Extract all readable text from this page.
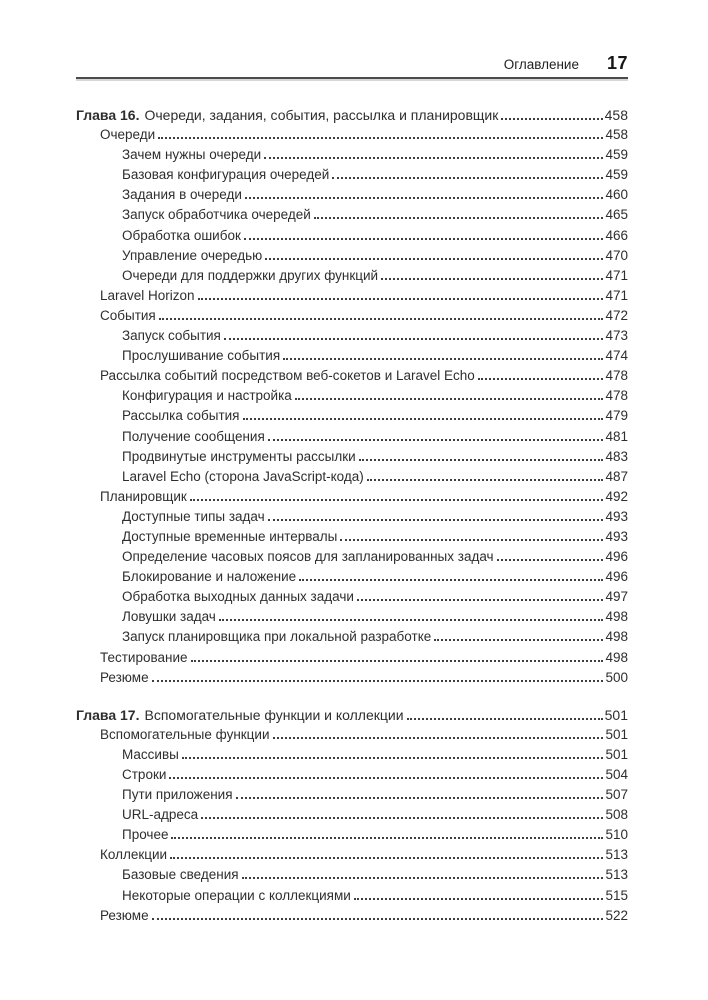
Оглавление 17
Глава 16. Очереди, задания, события, рассылка и планировщик	458
Очереди	458
Зачем нужны очереди	459
Базовая конфигурация очередей	459
Задания в очереди	460
Запуск обработчика очередей	465
Обработка ошибок	466
Управление очередью	470
Очереди для поддержки других функций	471
Laravel Horizon	471
События	472
Запуск события	473
Прослушивание события	474
Рассылка событий посредством веб-сокетов и Laravel Echo	478
Конфигурация и настройка	478
Рассылка события	479
Получение сообщения	481
Продвинутые инструменты рассылки	483
Laravel Echo (сторона JavaScript-кода)	487
Планировщик	492
Доступные типы задач	493
Доступные временные интервалы	493
Определение часовых поясов для запланированных задач	496
Блокирование и наложение	496
Обработка выходных данных задачи	497
Ловушки задач	498
Запуск планировщика при локальной разработке	498
Тестирование	498
Резюме	500
Глава 17. Вспомогательные функции и коллекции	501
Вспомогательные функции	501
Массивы	501
Строки	504
Пути приложения	507
URL-адреса	508
Прочее	510
Коллекции	513
Базовые сведения	513
Некоторые операции с коллекциями	515
Резюме	522
